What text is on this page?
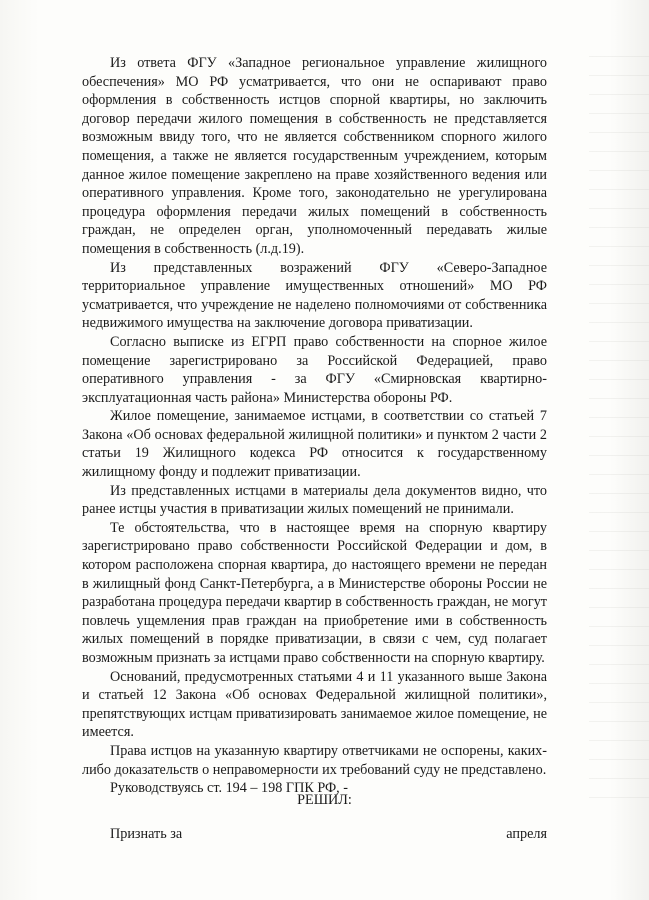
Из ответа ФГУ «Западное региональное управление жилищного обеспечения» МО РФ усматривается, что они не оспаривают право оформления в собственность истцов спорной квартиры, но заключить договор передачи жилого помещения в собственность не представляется возможным ввиду того, что не является собственником спорного жилого помещения, а также не является государственным учреждением, которым данное жилое помещение закреплено на праве хозяйственного ведения или оперативного управления. Кроме того, законодательно не урегулирована процедура оформления передачи жилых помещений в собственность граждан, не определен орган, уполномоченный передавать жилые помещения в собственность (л.д.19).

Из представленных возражений ФГУ «Северо-Западное территориальное управление имущественных отношений» МО РФ усматривается, что учреждение не наделено полномочиями от собственника недвижимого имущества на заключение договора приватизации.

Согласно выписке из ЕГРП право собственности на спорное жилое помещение зарегистрировано за Российской Федерацией, право оперативного управления - за ФГУ «Смирновская квартирно-эксплуатационная часть района» Министерства обороны РФ.

Жилое помещение, занимаемое истцами, в соответствии со статьей 7 Закона «Об основах федеральной жилищной политики» и пунктом 2 части 2 статьи 19 Жилищного кодекса РФ относится к государственному жилищному фонду и подлежит приватизации.

Из представленных истцами в материалы дела документов видно, что ранее истцы участия в приватизации жилых помещений не принимали.

Те обстоятельства, что в настоящее время на спорную квартиру зарегистрировано право собственности Российской Федерации и дом, в котором расположена спорная квартира, до настоящего времени не передан в жилищный фонд Санкт-Петербурга, а в Министерстве обороны России не разработана процедура передачи квартир в собственность граждан, не могут повлечь ущемления прав граждан на приобретение ими в собственность жилых помещений в порядке приватизации, в связи с чем, суд полагает возможным признать за истцами право собственности на спорную квартиру.

Оснований, предусмотренных статьями 4 и 11 указанного выше Закона и статьей 12 Закона «Об основах Федеральной жилищной политики», препятствующих истцам приватизировать занимаемое жилое помещение, не имеется.

Права истцов на указанную квартиру ответчиками не оспорены, каких-либо доказательств о неправомерности их требований суду не представлено.

Руководствуясь ст. 194 – 198 ГПК РФ, -

РЕШИЛ:
Признать за	апреля
